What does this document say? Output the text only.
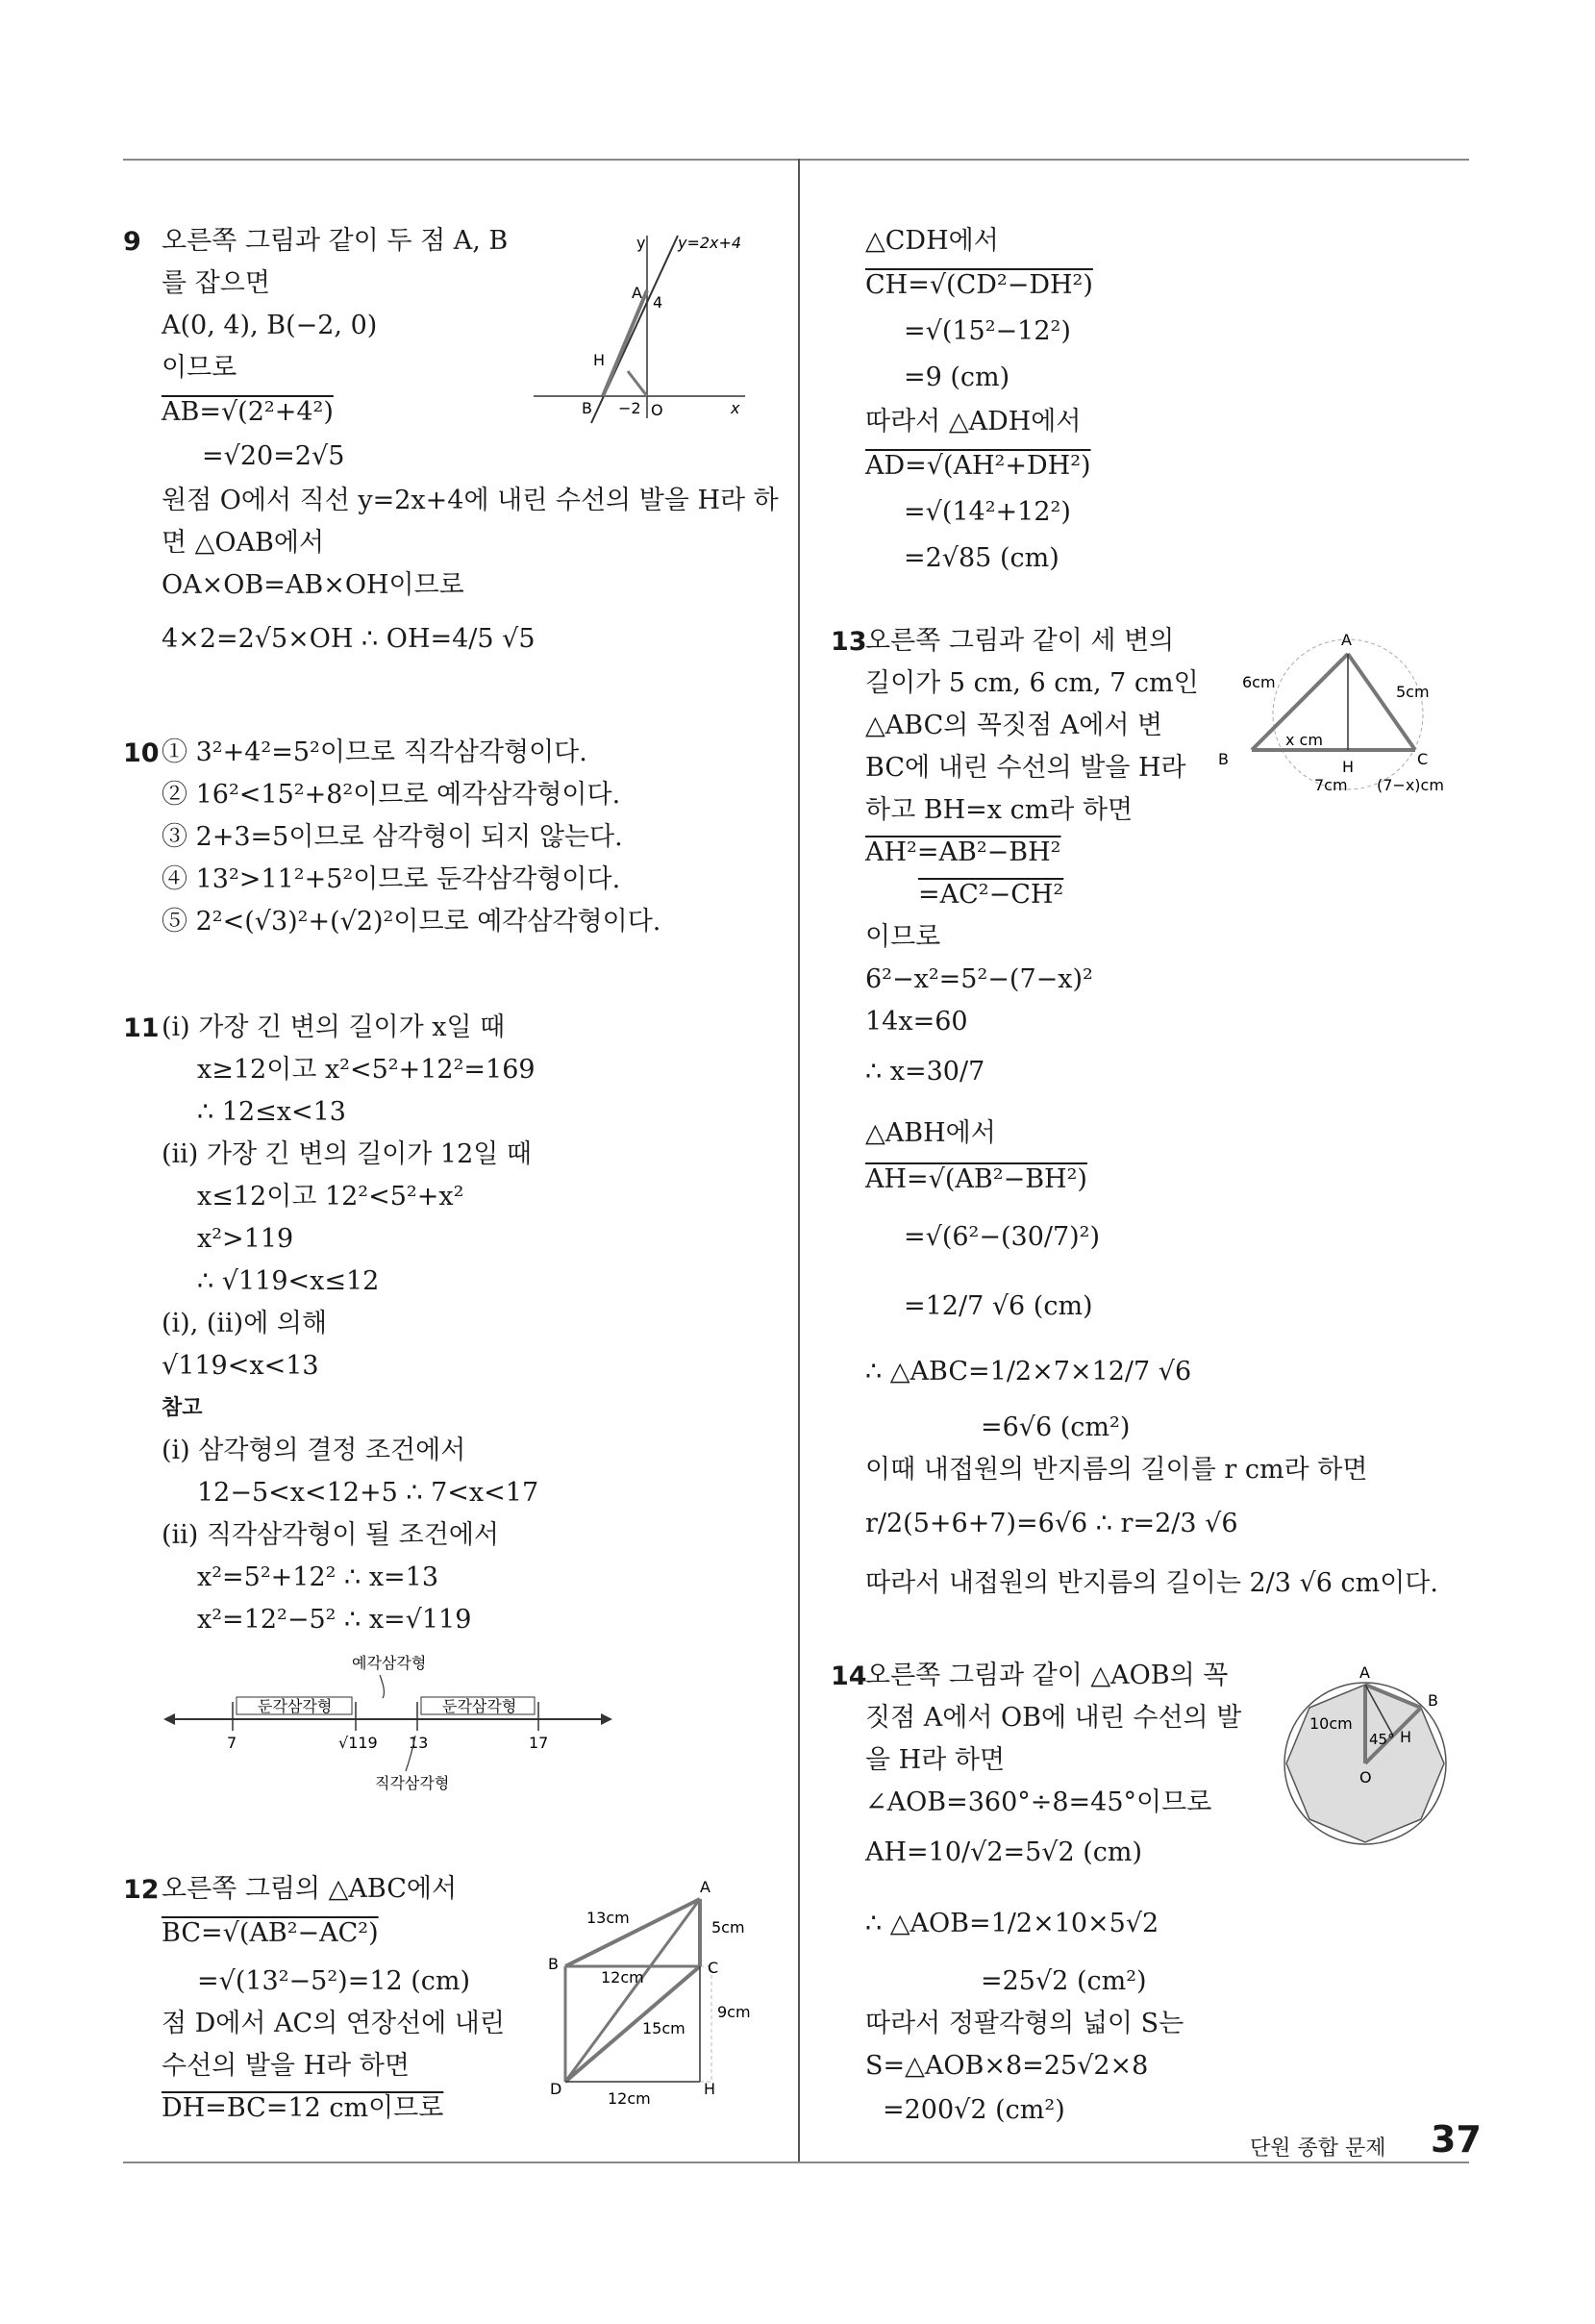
9 오른쪽 그림과 같이 두 점 A, B
를 잡으면
A(0, 4), B(−2, 0)
이므로
AB=√(2²+4²)
=√20=2√5
원점 O에서 직선 y=2x+4에 내린 수선의 발을 H라 하
면 △OAB에서
OA×OB=AB×OH이므로
4×2=2√5×OH ∴ OH=4/5 √5
y y=2x+4
A
4
H
B −2 O	x
10 ① 3²+4²=5²이므로 직각삼각형이다.
② 16²<15²+8²이므로 예각삼각형이다.
③ 2+3=5이므로 삼각형이 되지 않는다.
④ 13²>11²+5²이므로 둔각삼각형이다.
⑤ 2²<(√3)²+(√2)²이므로 예각삼각형이다.
11 (ⅰ) 가장 긴 변의 길이가 x일 때
x≥12이고 x²<5²+12²=169
∴ 12≤x<13
(ⅱ) 가장 긴 변의 길이가 12일 때
x≤12이고 12²<5²+x²
x²>119
∴ √119<x≤12
(ⅰ), (ⅱ)에 의해
√119<x<13
참고
(ⅰ) 삼각형의 결정 조건에서
12−5<x<12+5 ∴ 7<x<17
(ⅱ) 직각삼각형이 될 조건에서
x²=5²+12² ∴ x=13
x²=12²−5² ∴ x=√119
예각삼각형
둔각삼각형	둔각삼각형
7	√119 13	17
직각삼각형
12 오른쪽 그림의 △ABC에서
BC=√(AB²−AC²)
=√(13²−5²)=12 (cm)
점 D에서 AC의 연장선에 내린
수선의 발을 H라 하면
DH=BC=12 cm이므로
A
B	C
D	H
13cm
5cm
12cm
15cm
9cm
12cm
△CDH에서
CH=√(CD²−DH²)
=√(15²−12²)
=9 (cm)
따라서 △ADH에서
AD=√(AH²+DH²)
=√(14²+12²)
=2√85 (cm)
13
오른쪽 그림과 같이 세 변의
길이가 5 cm, 6 cm, 7 cm인
△ABC의 꼭짓점 A에서 변
BC에 내린 수선의 발을 H라
하고 BH=x cm라 하면
AH²=AB²−BH²
=AC²−CH²
이므로
6²−x²=5²−(7−x)²
14x=60
∴ x=30/7
△ABH에서
AH=√(AB²−BH²)
=√(6²−(30/7)²)
=12/7 √6 (cm)
∴ △ABC=1/2×7×12/7 √6
=6√6 (cm²)
이때 내접원의 반지름의 길이를 r cm라 하면
r/2(5+6+7)=6√6 ∴ r=2/3 √6
따라서 내접원의 반지름의 길이는 2/3 √6 cm이다.
A
B	C
H
6cm
5cm
x cm
7cm (7−x)cm
14
오른쪽 그림과 같이 △AOB의 꼭
짓점 A에서 OB에 내린 수선의 발
을 H라 하면
∠AOB=360°÷8=45°이므로
AH=10/√2=5√2 (cm)
∴ △AOB=1/2×10×5√2
=25√2 (cm²)
따라서 정팔각형의 넓이 S는
S=△AOB×8=25√2×8
=200√2 (cm²)
A
B
H
O
10cm
45°
단원 종합 문제 37
